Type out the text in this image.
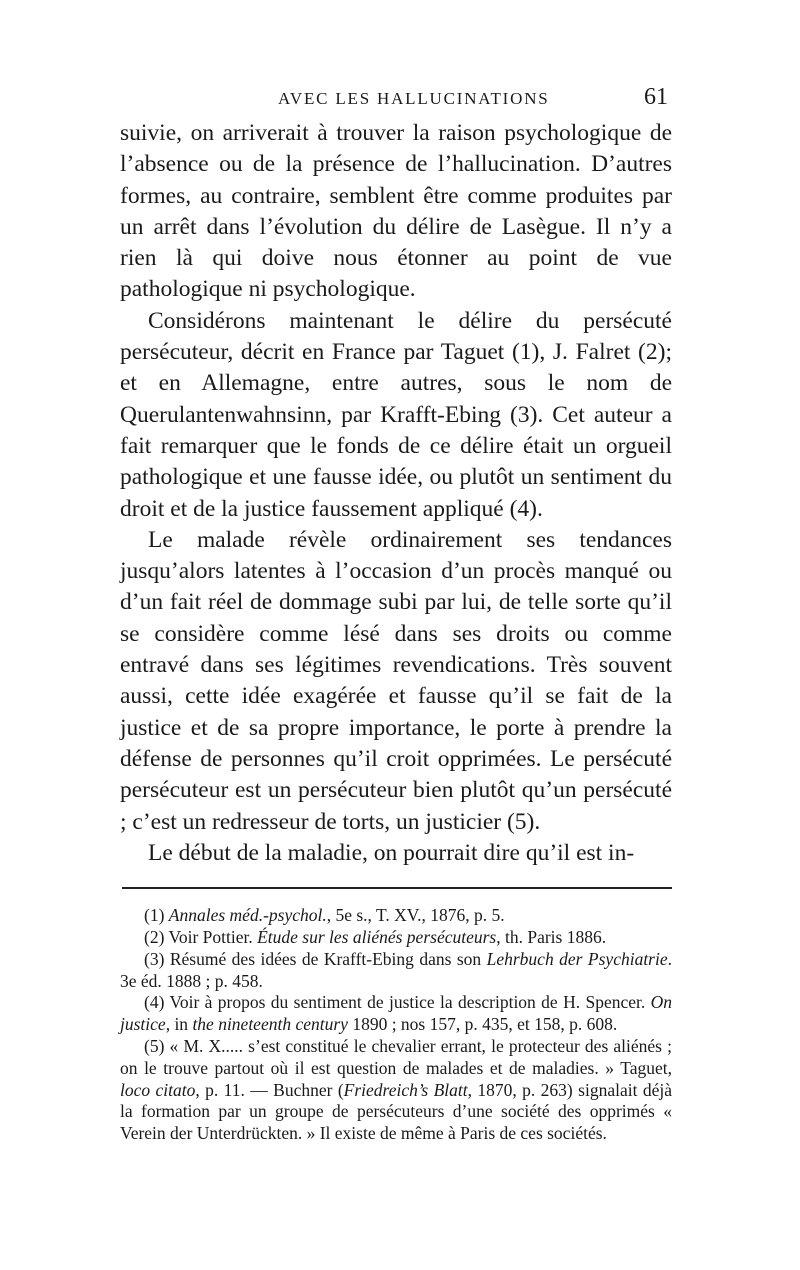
AVEC LES HALLUCINATIONS	61

suivie, on arriverait à trouver la raison psychologique de l’absence ou de la présence de l’hallucination. D’autres formes, au contraire, semblent être comme produites par un arrêt dans l’évolution du délire de Lasègue. Il n’y a rien là qui doive nous étonner au point de vue pathologique ni psychologique.

Considérons maintenant le délire du persécuté persécuteur, décrit en France par Taguet (1), J. Falret (2); et en Allemagne, entre autres, sous le nom de Querulantenwahnsinn, par Krafft-Ebing (3). Cet auteur a fait remarquer que le fonds de ce délire était un orgueil pathologique et une fausse idée, ou plutôt un sentiment du droit et de la justice faussement appliqué (4).

Le malade révèle ordinairement ses tendances jusqu’alors latentes à l’occasion d’un procès manqué ou d’un fait réel de dommage subi par lui, de telle sorte qu’il se considère comme lésé dans ses droits ou comme entravé dans ses légitimes revendications. Très souvent aussi, cette idée exagérée et fausse qu’il se fait de la justice et de sa propre importance, le porte à prendre la défense de personnes qu’il croit opprimées. Le persécuté persécuteur est un persécuteur bien plutôt qu’un persécuté ; c’est un redresseur de torts, un justicier (5).

Le début de la maladie, on pourrait dire qu’il est in-

(1) Annales méd.-psychol., 5e s., T. XV., 1876, p. 5.

(2) Voir Pottier. Étude sur les aliénés persécuteurs, th. Paris 1886.

(3) Résumé des idées de Krafft-Ebing dans son Lehrbuch der Psychiatrie. 3e éd. 1888 ; p. 458.

(4) Voir à propos du sentiment de justice la description de H. Spencer. On justice, in the nineteenth century 1890 ; nos 157, p. 435, et 158, p. 608.

(5) « M. X..... s’est constitué le chevalier errant, le protecteur des aliénés ; on le trouve partout où il est question de malades et de maladies. » Taguet, loco citato, p. 11. — Buchner (Friedreich’s Blatt, 1870, p. 263) signalait déjà la formation par un groupe de persécuteurs d’une société des opprimés « Verein der Unterdrückten. » Il existe de même à Paris de ces sociétés.
